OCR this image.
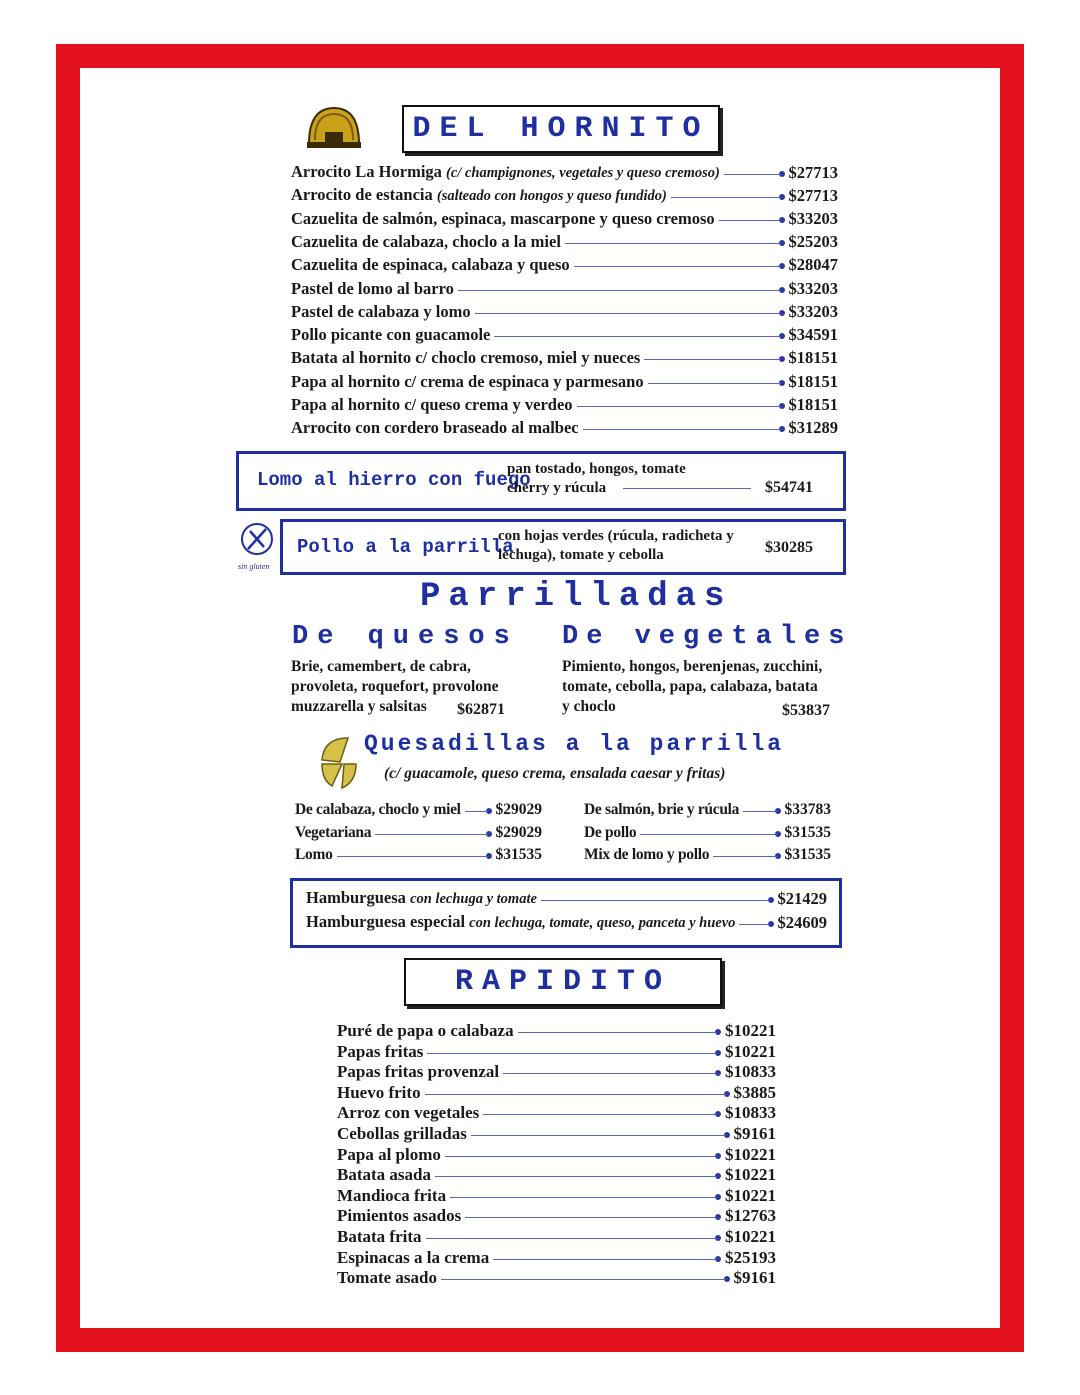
DEL HORNITO
Arrocito La Hormiga (c/ champignones, vegetales y queso cremoso)	$27713
Arrocito de estancia (salteado con hongos y queso fundido)	$27713
Cazuelita de salmón, espinaca, mascarpone y queso cremoso	$33203
Cazuelita de calabaza, choclo a la miel	$25203
Cazuelita de espinaca, calabaza y queso	$28047
Pastel de lomo al barro	$33203
Pastel de calabaza y lomo	$33203
Pollo picante con guacamole	$34591
Batata al hornito c/ choclo cremoso, miel y nueces	$18151
Papa al hornito c/ crema de espinaca y parmesano	$18151
Papa al hornito c/ queso crema y verdeo	$18151
Arrocito con cordero braseado al malbec	$31289
Lomo al hierro con fuego
pan tostado, hongos, tomate
cherry y rúcula	$54741
sin gluten
Pollo a la parrilla
con hojas verdes (rúcula, radicheta y
lechuga), tomate y cebolla	$30285
Parrilladas
De quesos De vegetales
Brie, camembert, de cabra,
provoleta, roquefort, provolone
muzzarella y salsitas $62871
Pimiento, hongos, berenjenas, zucchini,
tomate, cebolla, papa, calabaza, batata
y choclo	$53837
Quesadillas a la parrilla
(c/ guacamole, queso crema, ensalada caesar y fritas)
De calabaza, choclo y miel $29029
Vegetariana	$29029
Lomo	$31535
De salmón, brie y rúcula	$33783
De pollo	$31535
Mix de lomo y pollo	$31535
Hamburguesa con lechuga y tomate	$21429
Hamburguesa especial con lechuga, tomate, queso, panceta y huevo	$24609
RAPIDITO
Puré de papa o calabaza	$10221
Papas fritas	$10221
Papas fritas provenzal	$10833
Huevo frito	$3885
Arroz con vegetales	$10833
Cebollas grilladas	$9161
Papa al plomo	$10221
Batata asada	$10221
Mandioca frita	$10221
Pimientos asados	$12763
Batata frita	$10221
Espinacas a la crema	$25193
Tomate asado	$9161
